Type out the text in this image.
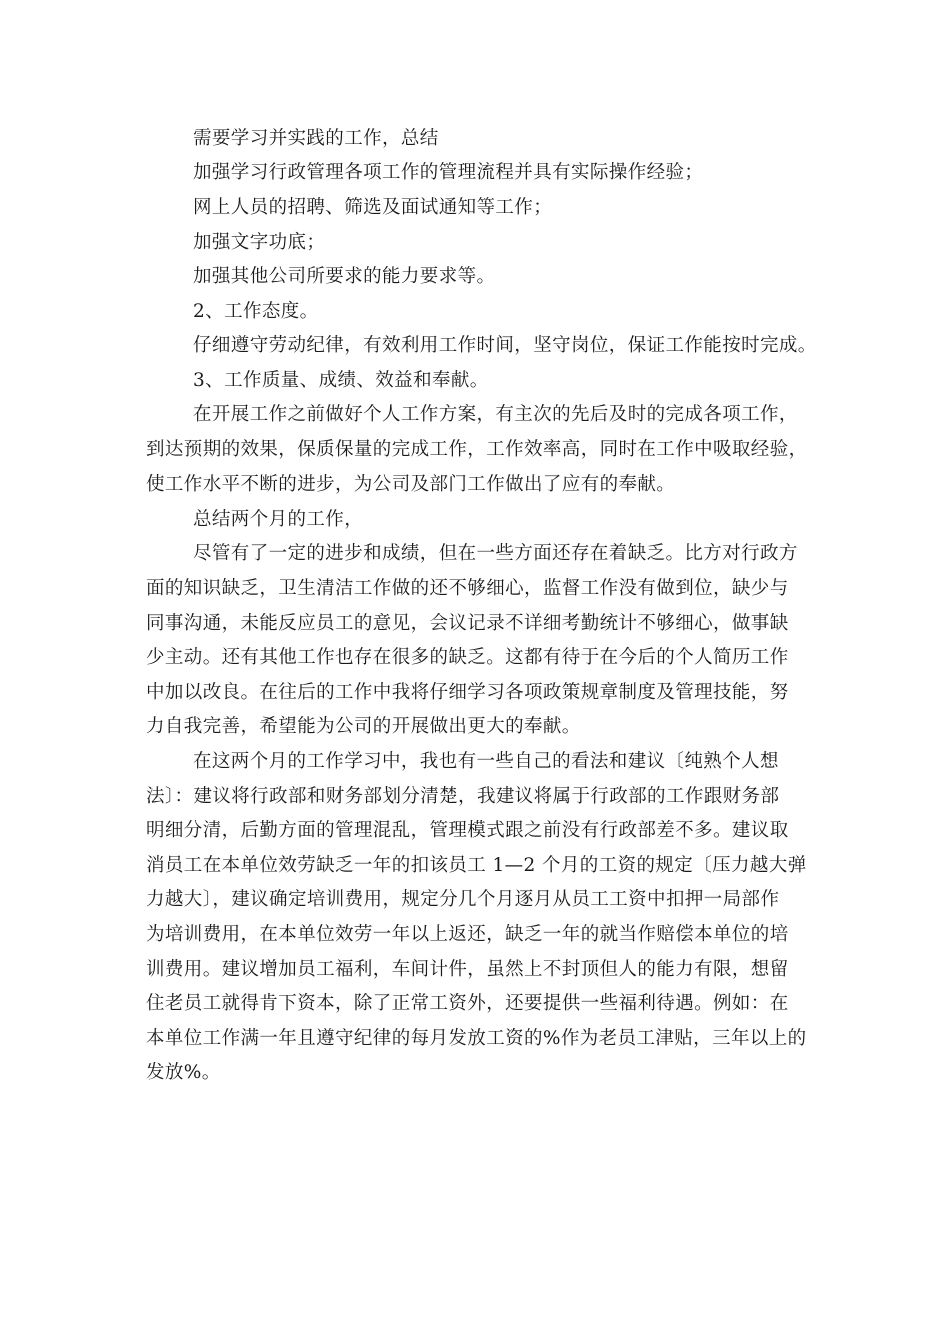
需要学习并实践的工作，总结
加强学习行政管理各项工作的管理流程并具有实际操作经验；
网上人员的招聘、筛选及面试通知等工作；
加强文字功底；
加强其他公司所要求的能力要求等。
2、工作态度。
仔细遵守劳动纪律，有效利用工作时间，坚守岗位，保证工作能按时完成。
3、工作质量、成绩、效益和奉献。
在开展工作之前做好个人工作方案，有主次的先后及时的完成各项工作，
到达预期的效果，保质保量的完成工作，工作效率高，同时在工作中吸取经验，
使工作水平不断的进步，为公司及部门工作做出了应有的奉献。
总结两个月的工作，
尽管有了一定的进步和成绩，但在一些方面还存在着缺乏。比方对行政方
面的知识缺乏，卫生清洁工作做的还不够细心，监督工作没有做到位，缺少与
同事沟通，未能反应员工的意见，会议记录不详细考勤统计不够细心，做事缺
少主动。还有其他工作也存在很多的缺乏。这都有待于在今后的个人简历工作
中加以改良。在往后的工作中我将仔细学习各项政策规章制度及管理技能，努
力自我完善，希望能为公司的开展做出更大的奉献。
在这两个月的工作学习中，我也有一些自己的看法和建议〔纯熟个人想
法〕：建议将行政部和财务部划分清楚，我建议将属于行政部的工作跟财务部
明细分清，后勤方面的管理混乱，管理模式跟之前没有行政部差不多。建议取
消员工在本单位效劳缺乏一年的扣该员工 1—2 个月的工资的规定〔压力越大弹
力越大〕，建议确定培训费用，规定分几个月逐月从员工工资中扣押一局部作
为培训费用，在本单位效劳一年以上返还，缺乏一年的就当作赔偿本单位的培
训费用。建议增加员工福利，车间计件，虽然上不封顶但人的能力有限，想留
住老员工就得肯下资本，除了正常工资外，还要提供一些福利待遇。例如：在
本单位工作满一年且遵守纪律的每月发放工资的%作为老员工津贴，三年以上的
发放%。
